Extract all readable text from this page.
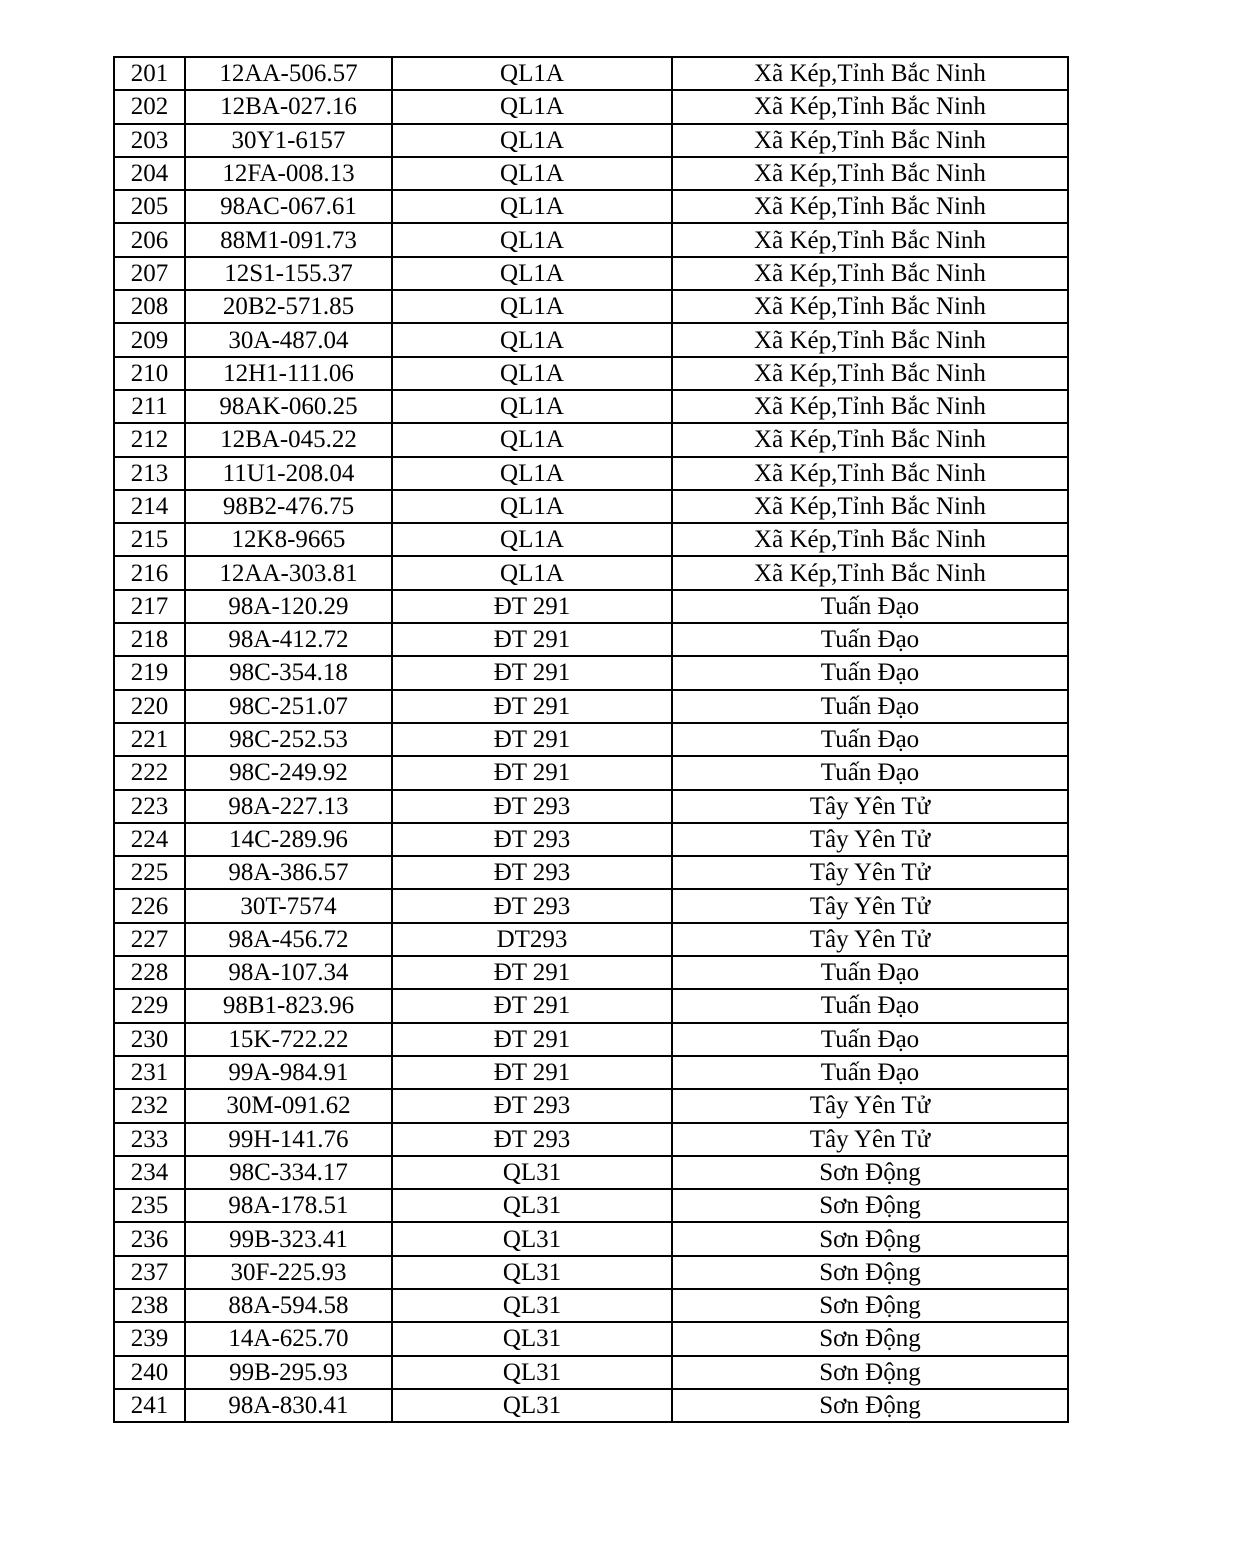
201	12AA-506.57	QL1A	Xã Kép,Tỉnh Bắc Ninh
202	12BA-027.16	QL1A	Xã Kép,Tỉnh Bắc Ninh
203	30Y1-6157	QL1A	Xã Kép,Tỉnh Bắc Ninh
204	12FA-008.13	QL1A	Xã Kép,Tỉnh Bắc Ninh
205	98AC-067.61	QL1A	Xã Kép,Tỉnh Bắc Ninh
206	88M1-091.73	QL1A	Xã Kép,Tỉnh Bắc Ninh
207	12S1-155.37	QL1A	Xã Kép,Tỉnh Bắc Ninh
208	20B2-571.85	QL1A	Xã Kép,Tỉnh Bắc Ninh
209	30A-487.04	QL1A	Xã Kép,Tỉnh Bắc Ninh
210	12H1-111.06	QL1A	Xã Kép,Tỉnh Bắc Ninh
211	98AK-060.25	QL1A	Xã Kép,Tỉnh Bắc Ninh
212	12BA-045.22	QL1A	Xã Kép,Tỉnh Bắc Ninh
213	11U1-208.04	QL1A	Xã Kép,Tỉnh Bắc Ninh
214	98B2-476.75	QL1A	Xã Kép,Tỉnh Bắc Ninh
215	12K8-9665	QL1A	Xã Kép,Tỉnh Bắc Ninh
216	12AA-303.81	QL1A	Xã Kép,Tỉnh Bắc Ninh
217	98A-120.29	ĐT 291	Tuấn Đạo
218	98A-412.72	ĐT 291	Tuấn Đạo
219	98C-354.18	ĐT 291	Tuấn Đạo
220	98C-251.07	ĐT 291	Tuấn Đạo
221	98C-252.53	ĐT 291	Tuấn Đạo
222	98C-249.92	ĐT 291	Tuấn Đạo
223	98A-227.13	ĐT 293	Tây Yên Tử
224	14C-289.96	ĐT 293	Tây Yên Tử
225	98A-386.57	ĐT 293	Tây Yên Tử
226	30T-7574	ĐT 293	Tây Yên Tử
227	98A-456.72	DT293	Tây Yên Tử
228	98A-107.34	ĐT 291	Tuấn Đạo
229	98B1-823.96	ĐT 291	Tuấn Đạo
230	15K-722.22	ĐT 291	Tuấn Đạo
231	99A-984.91	ĐT 291	Tuấn Đạo
232	30M-091.62	ĐT 293	Tây Yên Tử
233	99H-141.76	ĐT 293	Tây Yên Tử
234	98C-334.17	QL31	Sơn Động
235	98A-178.51	QL31	Sơn Động
236	99B-323.41	QL31	Sơn Động
237	30F-225.93	QL31	Sơn Động
238	88A-594.58	QL31	Sơn Động
239	14A-625.70	QL31	Sơn Động
240	99B-295.93	QL31	Sơn Động
241	98A-830.41	QL31	Sơn Động
